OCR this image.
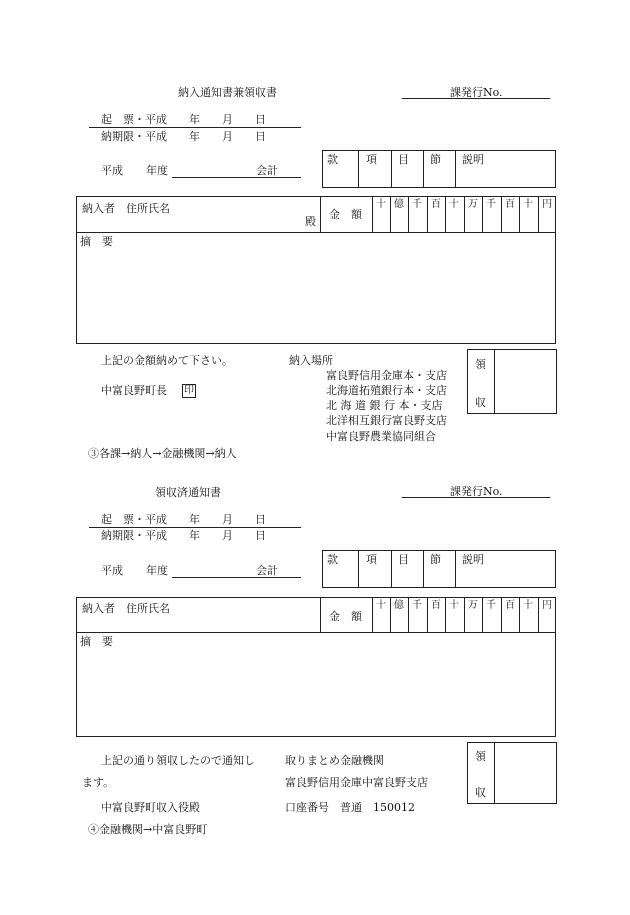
納入通知書兼領収書	課発行No.
起　票・平成　　年　　月　　日
納期限・平成　　年　　月　　日
平成 年度	会計
款	項 目 節 説明
納入者　住所氏名
殿
金　額
十 億 千 百 十 万 千 百 十 円
摘　要
上記の金額納めて下さい。
中富良野町長 印
納入場所
富良野信用金庫本・支店
北海道拓殖銀行本・支店
北 海 道 銀 行 本・支店
北洋相互銀行富良野支店
中富良野農業協同組合
領
収
③各課→納人→金融機関→納人
領収済通知書	課発行No.
起　票・平成　　年　　月　　日
納期限・平成　　年　　月　　日
平成 年度	会計
款	項 目 節 説明
納入者　住所氏名
金　額
十 億 千 百 十 万 千 百 十 円
摘　要
上記の通り領収したので通知し
ます。
中富良野町収入役殿
取りまとめ金融機関
富良野信用金庫中富良野支店
口座番号　普通　150012
領
収
④金融機関→中富良野町
